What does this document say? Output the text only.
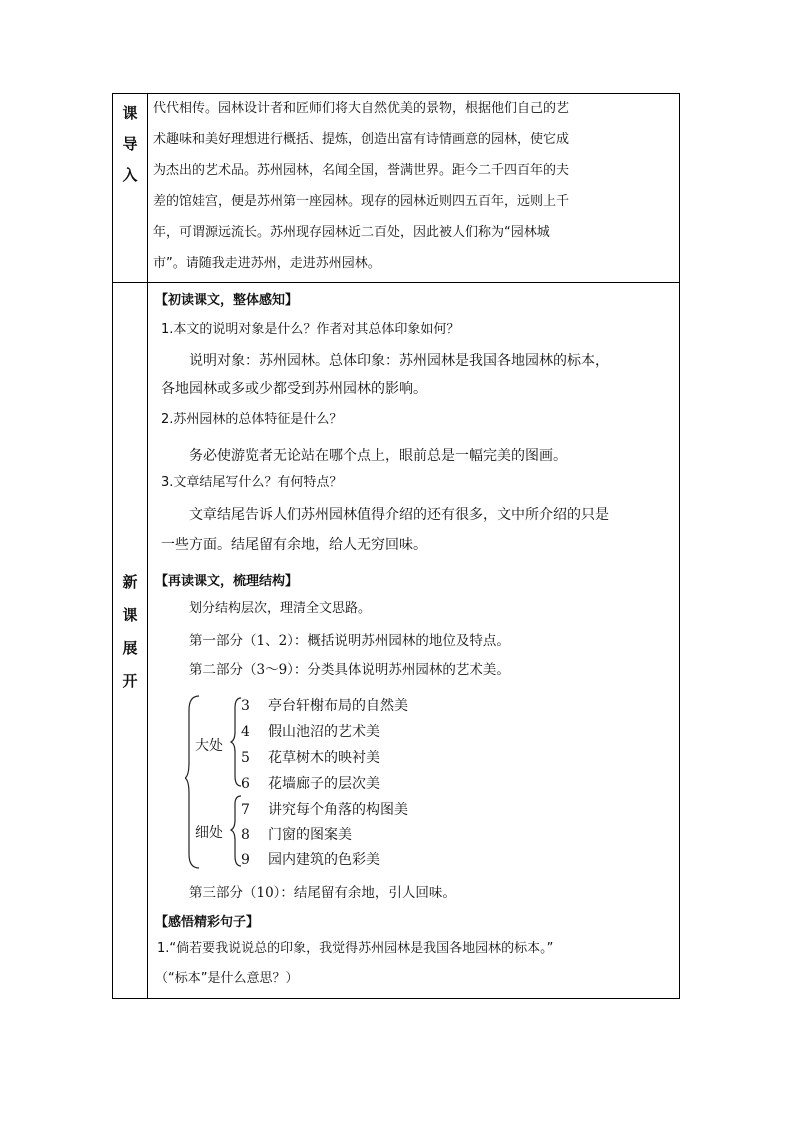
课
导
入
代代相传。园林设计者和匠师们将大自然优美的景物，根据他们自己的艺
术趣味和美好理想进行概括、提炼，创造出富有诗情画意的园林，使它成
为杰出的艺术品。苏州园林，名闻全国，誉满世界。距今二千四百年的夫
差的馆娃宫，便是苏州第一座园林。现存的园林近则四五百年，远则上千
年，可谓源远流长。苏州现存园林近二百处，因此被人们称为“园林城
市”。请随我走进苏州，走进苏州园林。
新
课
展
开
【初读课文，整体感知】
1.本文的说明对象是什么？作者对其总体印象如何？
说明对象：苏州园林。总体印象：苏州园林是我国各地园林的标本，
各地园林或多或少都受到苏州园林的影响。
2.苏州园林的总体特征是什么？
务必使游览者无论站在哪个点上，眼前总是一幅完美的图画。
3.文章结尾写什么？有何特点？
文章结尾告诉人们苏州园林值得介绍的还有很多，文中所介绍的只是
一些方面。结尾留有余地，给人无穷回味。
【再读课文，梳理结构】
划分结构层次，理清全文思路。
第一部分（1、2）：概括说明苏州园林的地位及特点。
第二部分（3～9）：分类具体说明苏州园林的艺术美。
大处
细处
3 亭台轩榭布局的自然美
4 假山池沼的艺术美
5 花草树木的映衬美
6 花墙廊子的层次美
7 讲究每个角落的构图美
8 门窗的图案美
9 园内建筑的色彩美
第三部分（10）：结尾留有余地，引人回味。
【感悟精彩句子】
1.“倘若要我说说总的印象，我觉得苏州园林是我国各地园林的标本。”
（“标本”是什么意思？）
